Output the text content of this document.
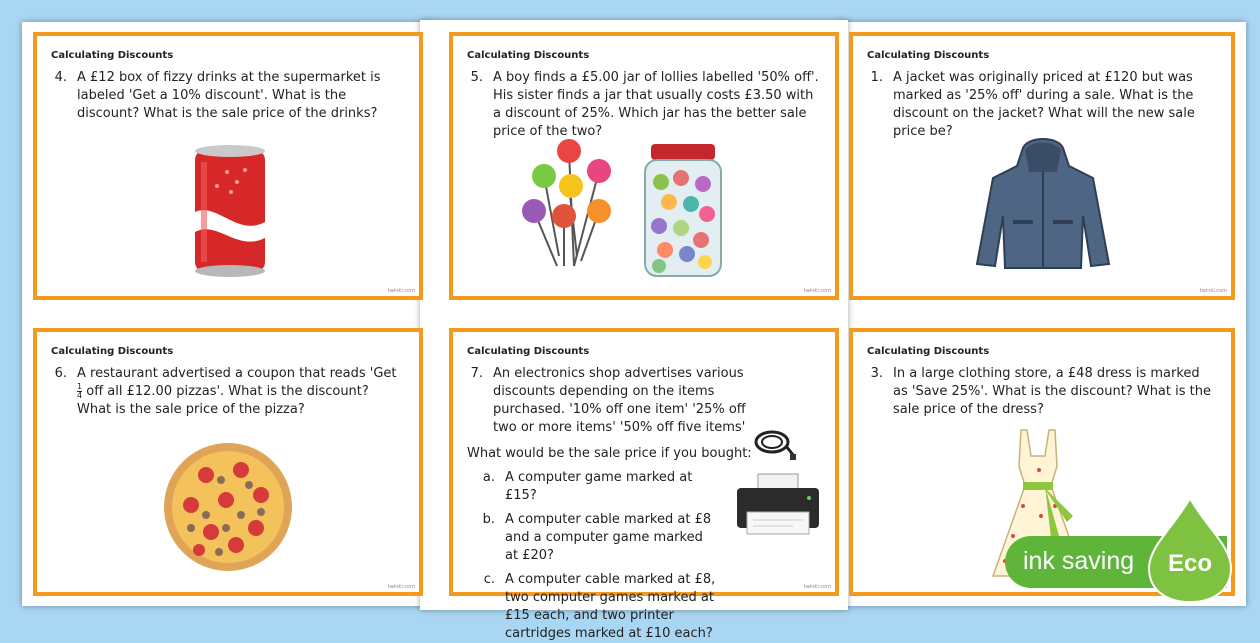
Calculating Discounts
4. A £12 box of fizzy drinks at the supermarket is labeled 'Get a 10% discount'. What is the discount? What is the sale price of the drinks?
twinkl.com
Calculating Discounts
5. A boy finds a £5.00 jar of lollies labelled '50% off'. His sister finds a jar that usually costs £3.50 with a discount of 25%. Which jar has the better sale price of the two?
twinkl.com
Calculating Discounts
1. A jacket was originally priced at £120 but was marked as '25% off' during a sale. What is the discount on the jacket? What will the new sale price be?
twinkl.com
Calculating Discounts
6. A restaurant advertised a coupon that reads 'Get

$\frac{1}{4}$ off all £12.00 pizzas'. What is the discount? What is the sale price of the pizza?
twinkl.com
Calculating Discounts
7. An electronics shop advertises various discounts depending on the items purchased. '10% off one item' '25% off two or more items' '50% off five items'
What would be the sale price if you bought:
a. A computer game marked at £15?
b. A computer cable marked at £8 and a computer game marked at £20?
c. A computer cable marked at £8, two computer games marked at £15 each, and two printer cartridges marked at £10 each?
twinkl.com
Calculating Discounts
3. In a large clothing store, a £48 dress is marked as 'Save 25%'. What is the discount? What is the sale price of the dress?
ink saving Eco
